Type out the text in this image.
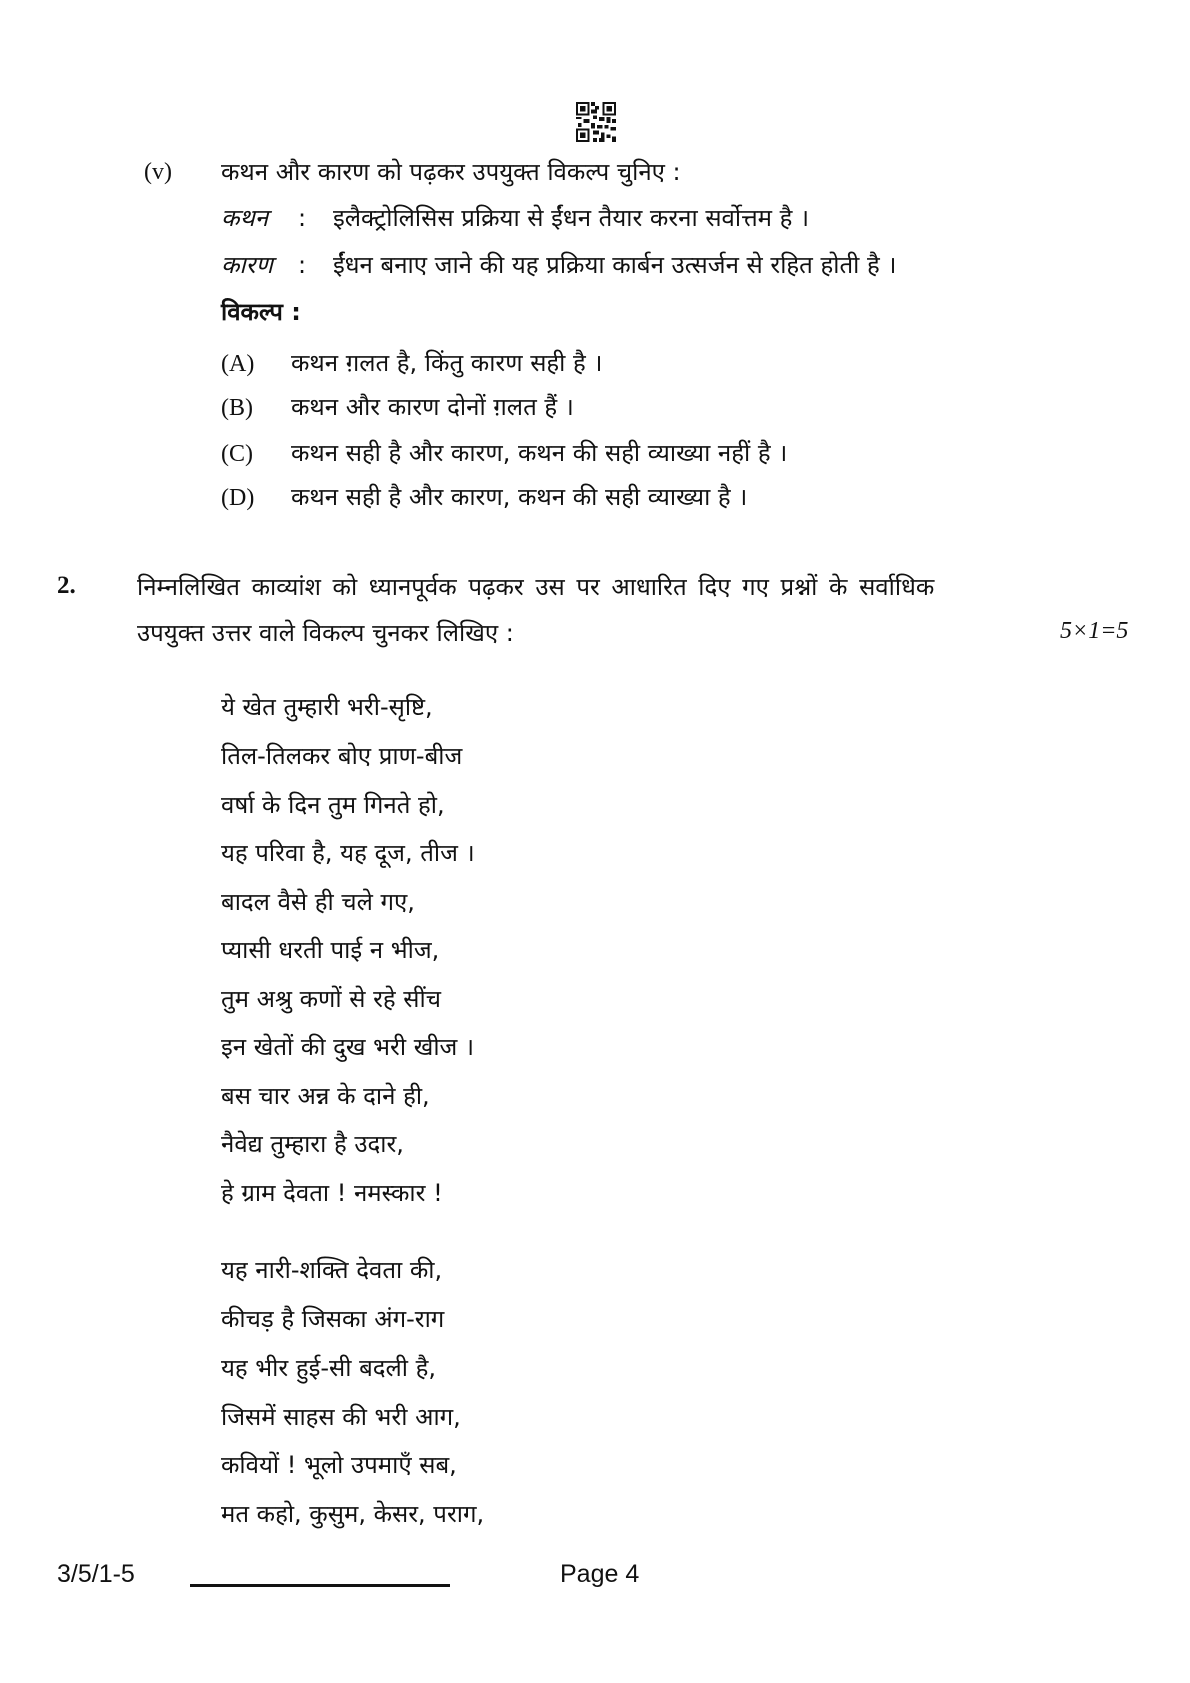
(v) कथन और कारण को पढ़कर उपयुक्त विकल्प चुनिए :
कथन : इलैक्ट्रोलिसिस प्रक्रिया से ईंधन तैयार करना सर्वोत्तम है ।
कारण : ईंधन बनाए जाने की यह प्रक्रिया कार्बन उत्सर्जन से रहित होती है ।
विकल्प :
(A) कथन ग़लत है, किंतु कारण सही है ।
(B) कथन और कारण दोनों ग़लत हैं ।
(C) कथन सही है और कारण, कथन की सही व्याख्या नहीं है ।
(D) कथन सही है और कारण, कथन की सही व्याख्या है ।
2.	निम्नलिखित काव्यांश को ध्यानपूर्वक पढ़कर उस पर आधारित दिए गए प्रश्नों के सर्वाधिक
उपयुक्त उत्तर वाले विकल्प चुनकर लिखिए :	5×1=5
ये खेत तुम्हारी भरी-सृष्टि,
तिल-तिलकर बोए प्राण-बीज
वर्षा के दिन तुम गिनते हो,
यह परिवा है, यह दूज, तीज ।
बादल वैसे ही चले गए,
प्यासी धरती पाई न भीज,
तुम अश्रु कणों से रहे सींच
इन खेतों की दुख भरी खीज ।
बस चार अन्न के दाने ही,
नैवेद्य तुम्हारा है उदार,
हे ग्राम देवता ! नमस्कार !
यह नारी-शक्ति देवता की,
कीचड़ है जिसका अंग-राग
यह भीर हुई-सी बदली है,
जिसमें साहस की भरी आग,
कवियों ! भूलो उपमाएँ सब,
मत कहो, कुसुम, केसर, पराग,
3/5/1-5	Page 4
